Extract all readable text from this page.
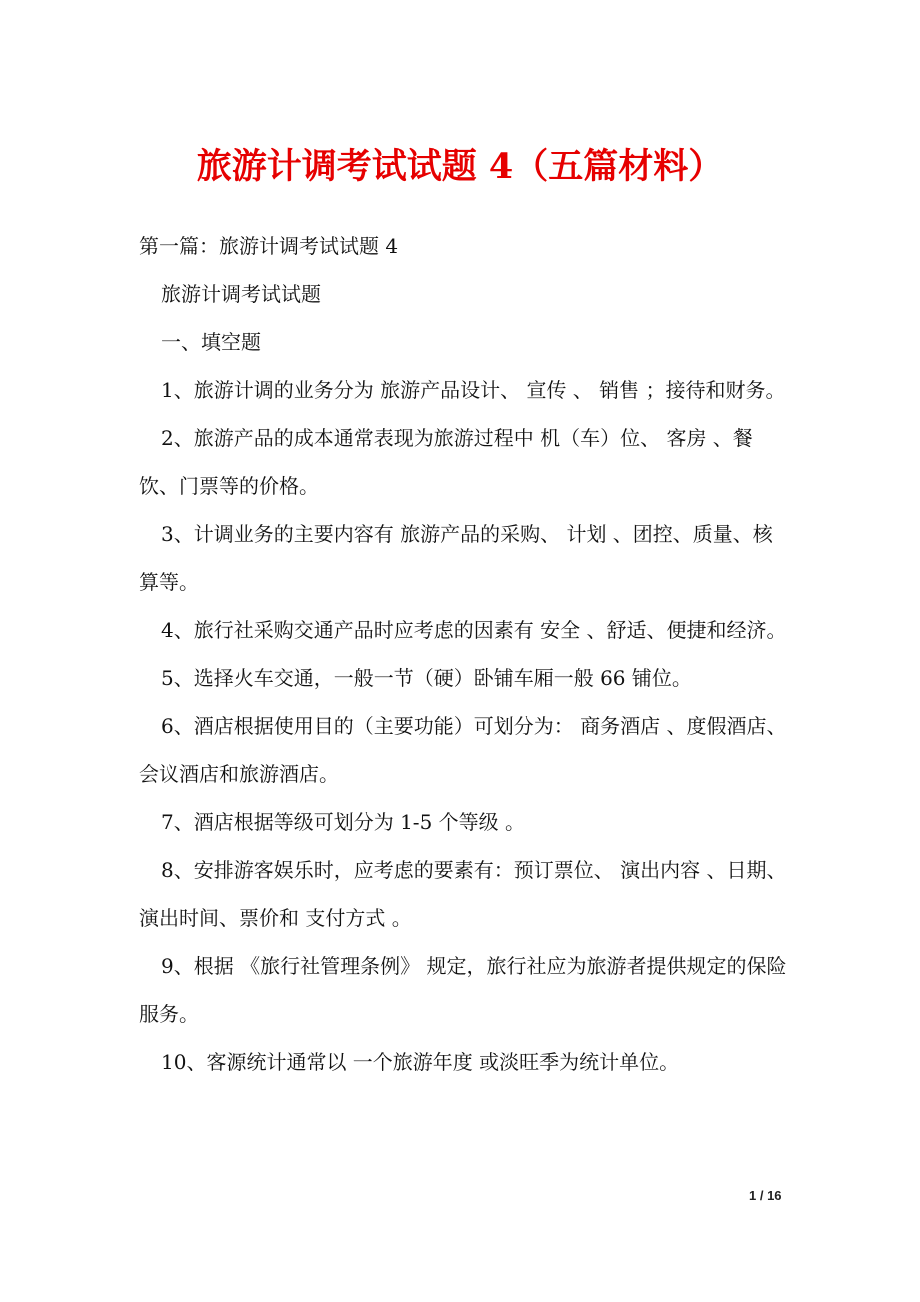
旅游计调考试试题 4（五篇材料）

第一篇：旅游计调考试试题 4

旅游计调考试试题

一、填空题

1、旅游计调的业务分为 旅游产品设计、 宣传 、 销售 ；接待和财务。

2、旅游产品的成本通常表现为旅游过程中 机（车）位、 客房 、餐饮、门票等的价格。

3、计调业务的主要内容有 旅游产品的采购、 计划 、团控、质量、核算等。

4、旅行社采购交通产品时应考虑的因素有 安全 、舒适、便捷和经济。

5、选择火车交通，一般一节（硬）卧铺车厢一般 66 铺位。

6、酒店根据使用目的（主要功能）可划分为： 商务酒店 、度假酒店、会议酒店和旅游酒店。

7、酒店根据等级可划分为 1-5 个等级 。

8、安排游客娱乐时，应考虑的要素有：预订票位、 演出内容 、日期、演出时间、票价和 支付方式 。

9、根据 《旅行社管理条例》 规定，旅行社应为旅游者提供规定的保险服务。

10、客源统计通常以 一个旅游年度 或淡旺季为统计单位。

1 / 16
